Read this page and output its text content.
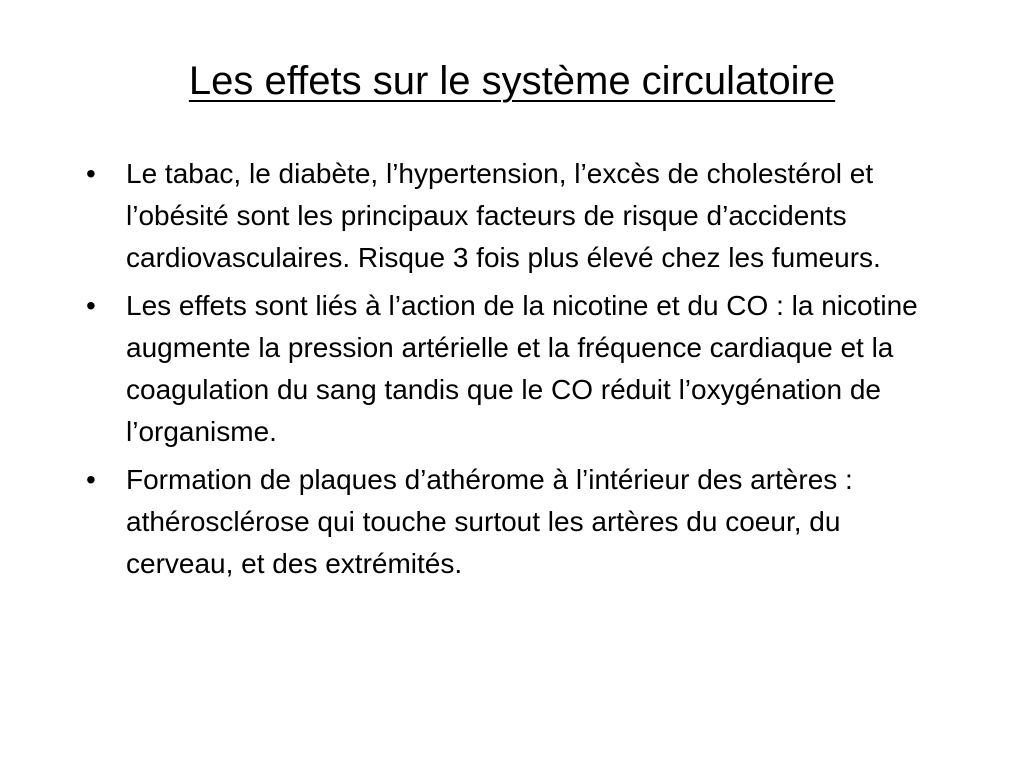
Les effets sur le système circulatoire
•	Le tabac, le diabète, l’hypertension, l’excès de cholestérol et l’obésité sont les principaux facteurs de risque d’accidents cardiovasculaires. Risque 3 fois plus élevé chez les fumeurs.
•	Les effets sont liés à l’action de la nicotine et du CO : la nicotine augmente la pression artérielle et la fréquence cardiaque et la coagulation du sang tandis que le CO réduit l’oxygénation de l’organisme.
•	Formation de plaques d’athérome à l’intérieur des artères : athérosclérose qui touche surtout les artères du coeur, du cerveau, et des extrémités.
